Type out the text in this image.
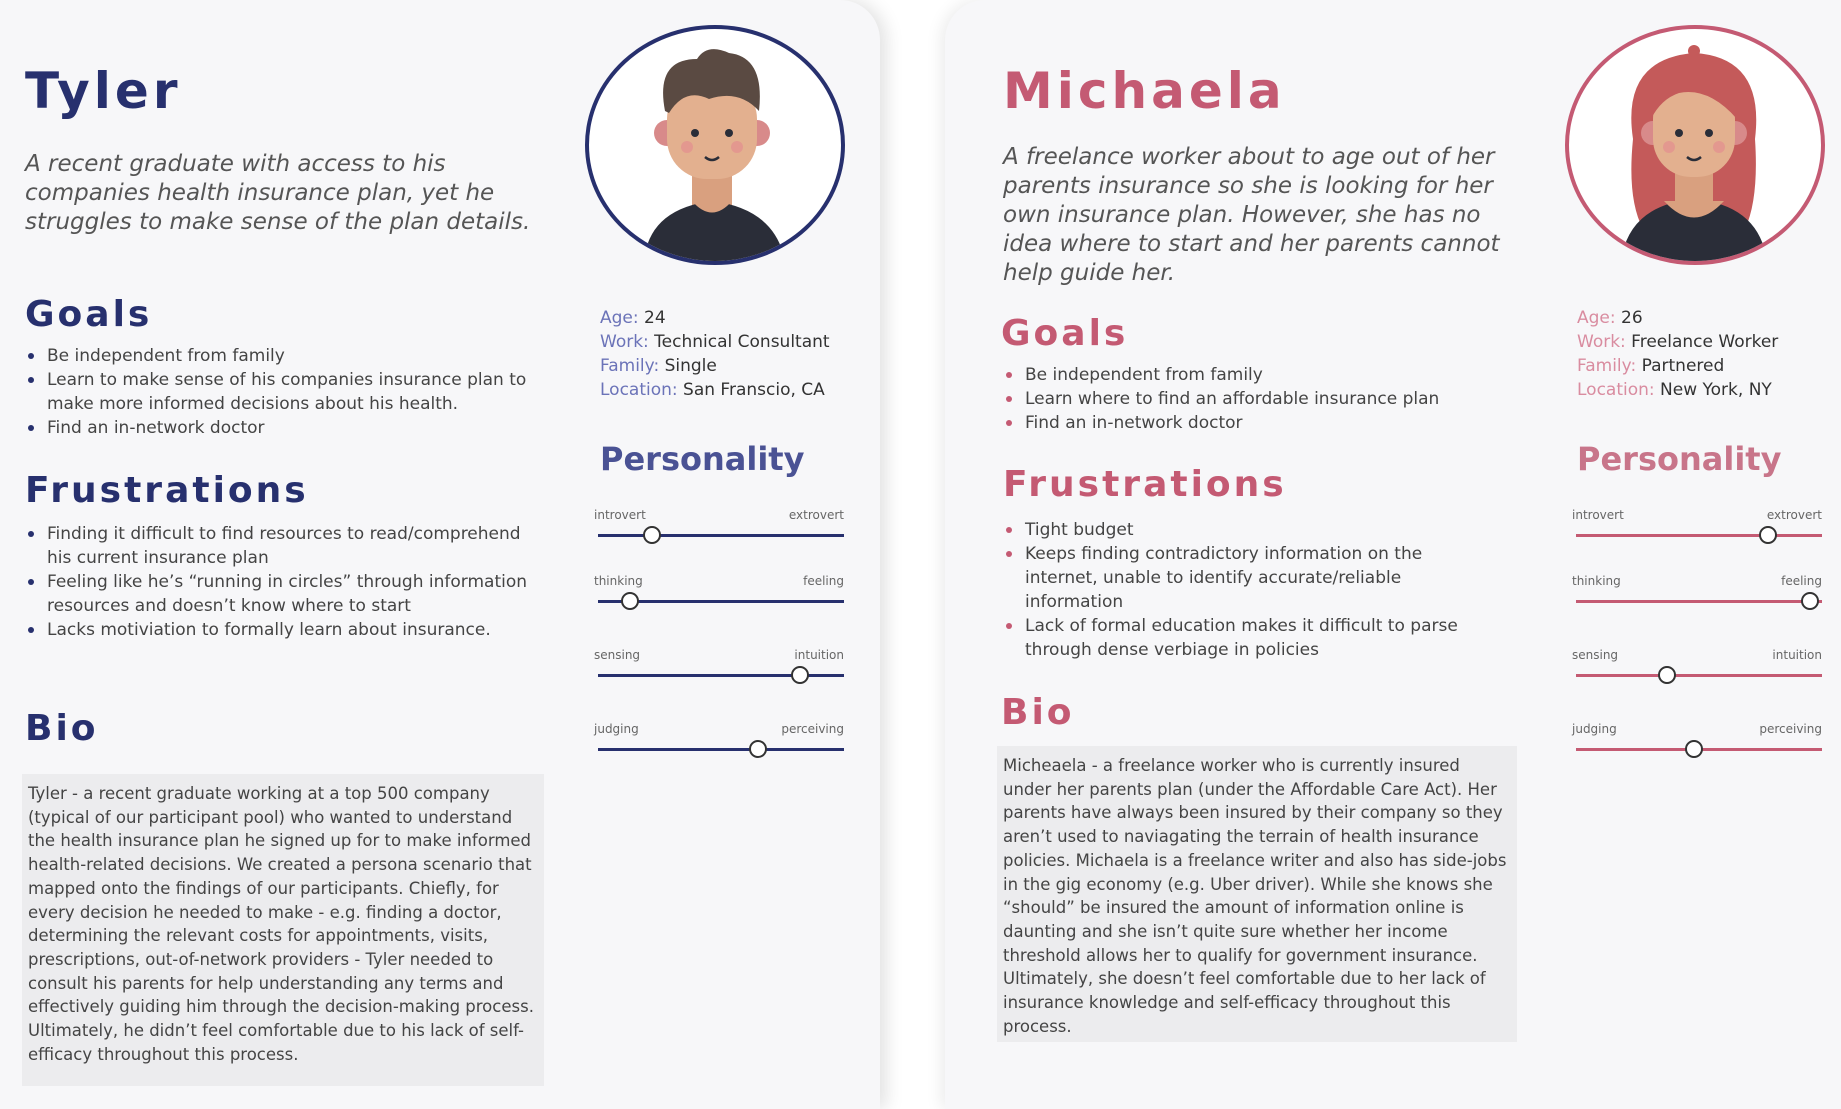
Tyler

A recent graduate with access to his companies health insurance plan, yet he struggles to make sense of the plan details.

Goals
Be independent from family
Learn to make sense of his companies insurance plan to make more informed decisions about his health.
Find an in-network doctor
Frustrations
Finding it difficult to find resources to read/comprehend his current insurance plan
Feeling like he’s “running in circles” through information resources and doesn’t know where to start
Lacks motiviation to formally learn about insurance.
Bio

Tyler - a recent graduate working at a top 500 company (typical of our participant pool) who wanted to understand the health insurance plan he signed up for to make informed health-related decisions. We created a persona scenario that mapped onto the findings of our participants. Chiefly, for every decision he needed to make - e.g. finding a doctor, determining the relevant costs for appointments, visits, prescriptions, out-of-network providers - Tyler needed to consult his parents for help understanding any terms and effectively guiding him through the decision-making process. Ultimately, he didn’t feel comfortable due to his lack of self-efficacy throughout this process.

Age: 24
Work: Technical Consultant
Family: Single
Location: San Franscio, CA
Personality
introvert	extrovert
thinking	feeling
sensing	intuition
judging	perceiving
Michaela

A freelance worker about to age out of her parents insurance so she is looking for her own insurance plan. However, she has no idea where to start and her parents cannot help guide her.

Goals
Be independent from family
Learn where to find an affordable insurance plan
Find an in-network doctor
Frustrations
Tight budget
Keeps finding contradictory information on the internet, unable to identify accurate/reliable information
Lack of formal education makes it difficult to parse through dense verbiage in policies
Bio

Micheaela - a freelance worker who is currently insured under her parents plan (under the Affordable Care Act). Her parents have always been insured by their company so they aren’t used to naviagating the terrain of health insurance policies. Michaela is a freelance writer and also has side-jobs in the gig economy (e.g. Uber driver). While she knows she “should” be insured the amount of information online is daunting and she isn’t quite sure whether her income threshold allows her to qualify for government insurance. Ultimately, she doesn’t feel comfortable due to her lack of insurance knowledge and self-efficacy throughout this process.

Age: 26
Work: Freelance Worker
Family: Partnered
Location: New York, NY
Personality
introvert	extrovert
thinking	feeling
sensing	intuition
judging	perceiving
